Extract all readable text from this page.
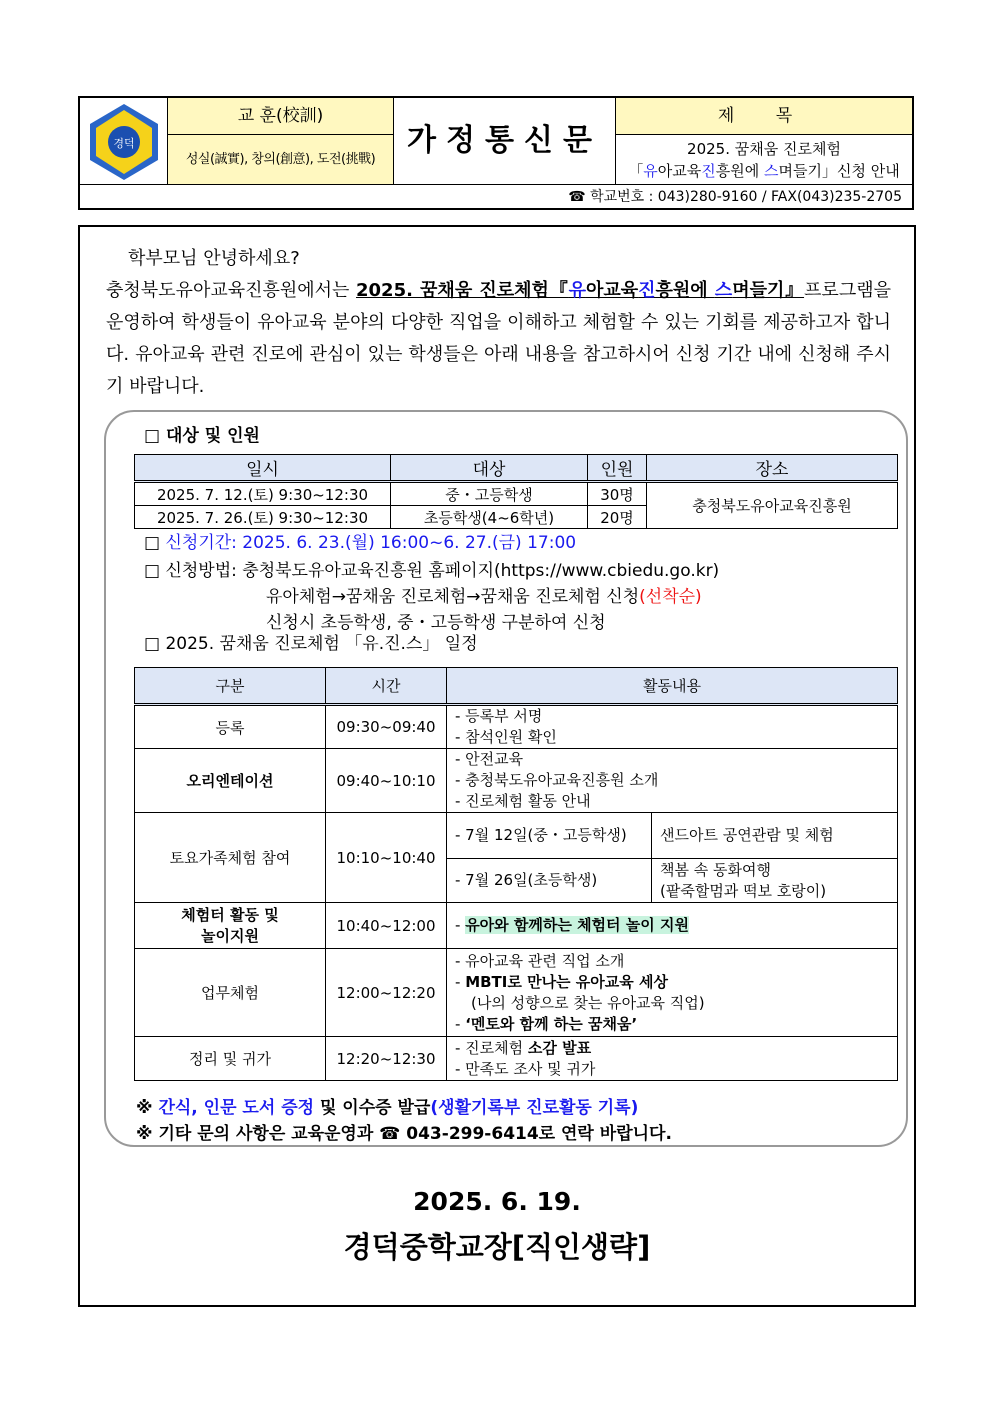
경덕
교 훈(校訓)
성실(誠實), 창의(創意), 도전(挑戰)
가정통신문
제 목
2025. 꿈채움 진로체험
「유아교육진흥원에 스며들기」신청 안내
☎ 학교번호 : 043)280-9160 / FAX(043)235-2705
학부모님 안녕하세요?
충청북도유아교육진흥원에서는 2025. 꿈채움 진로체험『유아교육진흥원에 스며들기』프로그램을 운영하여 학생들이 유아교육 분야의 다양한 직업을 이해하고 체험할 수 있는 기회를 제공하고자 합니다. 유아교육 관련 진로에 관심이 있는 학생들은 아래 내용을 참고하시어 신청 기간 내에 신청해 주시기 바랍니다.
□ 대상 및 인원
일시	대상	인원	장소
2025. 7. 12.(토) 9:30~12:30	중・고등학생	30명	충청북도유아교육진흥원
2025. 7. 26.(토) 9:30~12:30	초등학생(4~6학년)	20명	
□ 신청기간: 2025. 6. 23.(월) 16:00~6. 27.(금) 17:00
□ 신청방법: 충청북도유아교육진흥원 홈페이지(https://www.cbiedu.go.kr)
유아체험→꿈채움 진로체험→꿈채움 진로체험 신청(선착순)
신청시 초등학생, 중・고등학생 구분하여 신청
□ 2025. 꿈채움 진로체험 「유.진.스」 일정
구분	시간	활동내용	
등록	09:30~09:40	- 등록부 서명
- 참석인원 확인	

오리엔테이션	09:40~10:10	- 안전교육
- 충청북도유아교육진흥원 소개
- 진로체험 활동 안내	

토요가족체험 참여	10:10~10:40	- 7월 12일(중・고등학생)	샌드아트 공연관람 및 체험
		- 7월 26일(초등학생)	책봄 속 동화여행
(팥죽할멈과 떡보 호랑이)

체험터 활동 및
놀이지원	10:40~12:00	- 유아와 함께하는 체험터 놀이 지원	
업무체험	12:00~12:20	- 유아교육 관련 직업 소개
- MBTI로 만나는 유아교육 세상
(나의 성향으로 찾는 유아교육 직업)
- ‘멘토와 함께 하는 꿈채움’	

정리 및 귀가	12:20~12:30	- 진로체험 소감 발표
- 만족도 조사 및 귀가	
※ 간식, 인문 도서 증정 및 이수증 발급(생활기록부 진로활동 기록)
※ 기타 문의 사항은 교육운영과 ☎ 043-299-6414로 연락 바랍니다.
2025. 6. 19.
경덕중학교장[직인생략]
